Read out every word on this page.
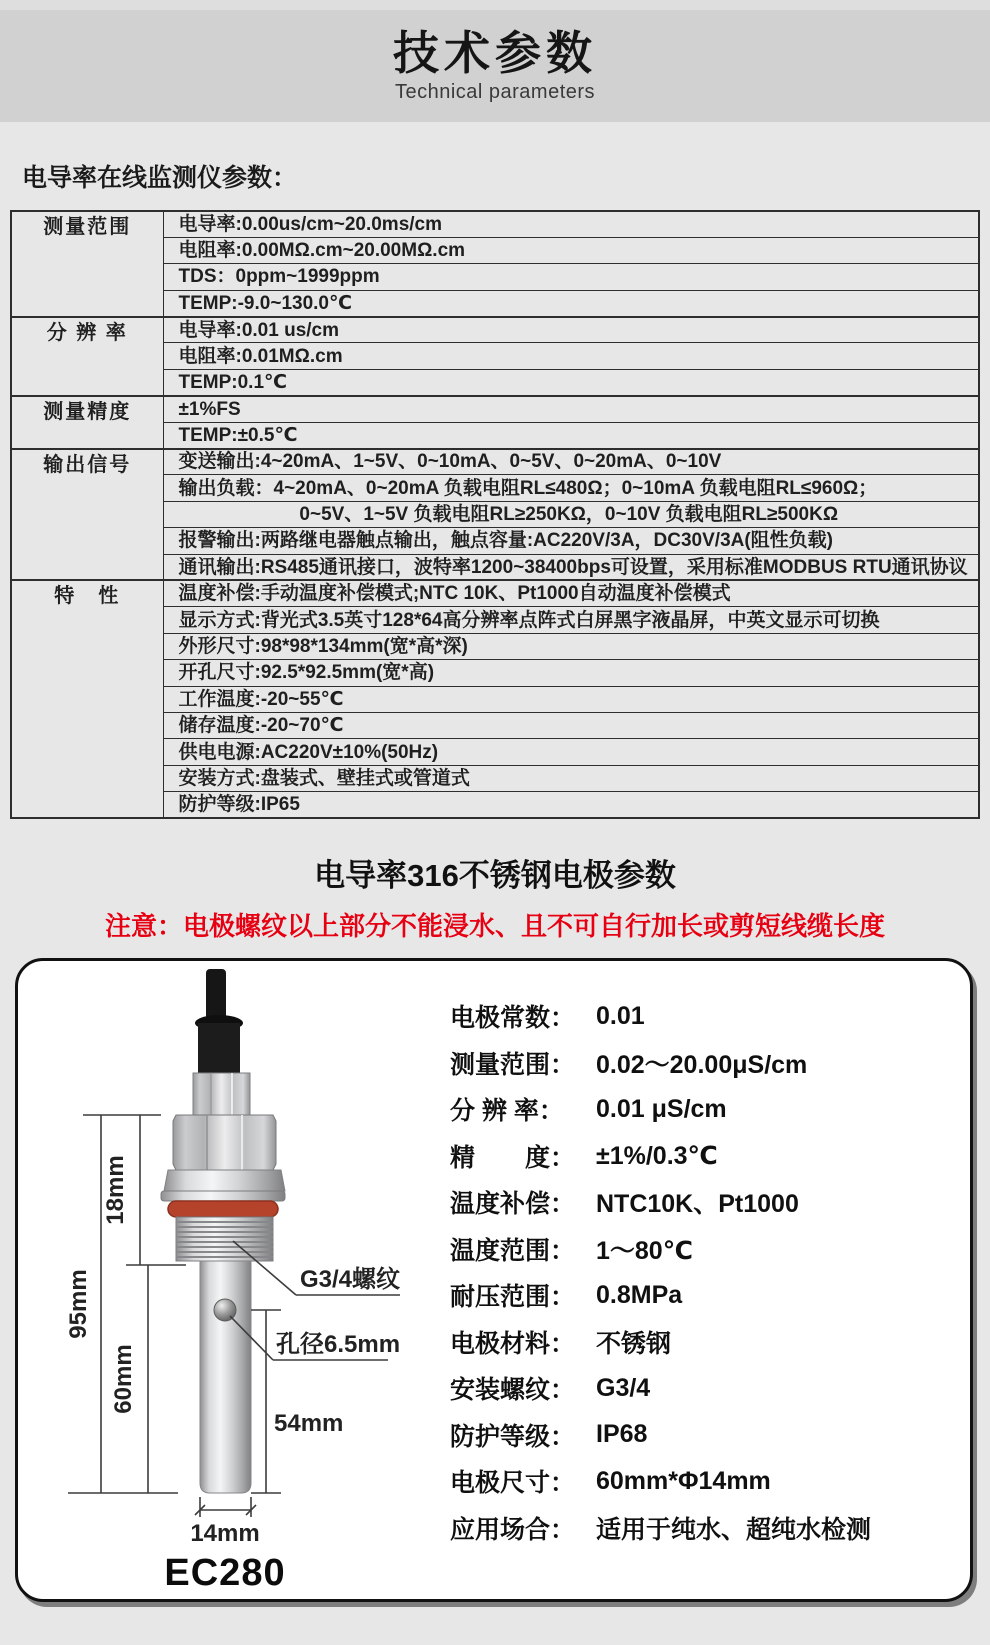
技术参数
Technical parameters
电导率在线监测仪参数：
测量范围	电导率:0.00us/cm~20.0ms/cm
	电阻率:0.00MΩ.cm~20.00MΩ.cm
	TDS：0ppm~1999ppm
	TEMP:-9.0~130.0℃
分 辨 率	电导率:0.01 us/cm
	电阻率:0.01MΩ.cm
	TEMP:0.1℃
测量精度	±1%FS
	TEMP:±0.5℃
输出信号	变送输出:4~20mA、1~5V、0~10mA、0~5V、0~20mA、0~10V
	输出负载：4~20mA、0~20mA 负载电阻RL≤480Ω；0~10mA 负载电阻RL≤960Ω；
	0~5V、1~5V 负载电阻RL≥250KΩ，0~10V 负载电阻RL≥500KΩ
	报警输出:两路继电器触点输出，触点容量:AC220V/3A，DC30V/3A(阻性负载)
	通讯输出:RS485通讯接口，波特率1200~38400bps可设置，采用标准MODBUS RTU通讯协议
特　性	温度补偿:手动温度补偿模式;NTC 10K、Pt1000自动温度补偿模式
	显示方式:背光式3.5英寸128*64高分辨率点阵式白屏黑字液晶屏，中英文显示可切换
	外形尺寸:98*98*134mm(宽*高*深)
	开孔尺寸:92.5*92.5mm(宽*高)
	工作温度:-20~55℃
	储存温度:-20~70℃
	供电电源:AC220V±10%(50Hz)
	安装方式:盘装式、壁挂式或管道式
	防护等级:IP65
电导率316不锈钢电极参数
注意：电极螺纹以上部分不能浸水、且不可自行加长或剪短线缆长度
95mm
18mm
60mm
54mm
14mm
G3/4螺纹
孔径6.5mm
EC280
电极常数： 0.01
测量范围： 0.02～20.00μS/cm
分 辨 率：	0.01 μS/cm
精　　度： ±1%/0.3℃
温度补偿： NTC10K、Pt1000
温度范围： 1～80℃
耐压范围： 0.8MPa
电极材料： 不锈钢
安装螺纹： G3/4
防护等级： IP68
电极尺寸： 60mm*Φ14mm
应用场合： 适用于纯水、超纯水检测
